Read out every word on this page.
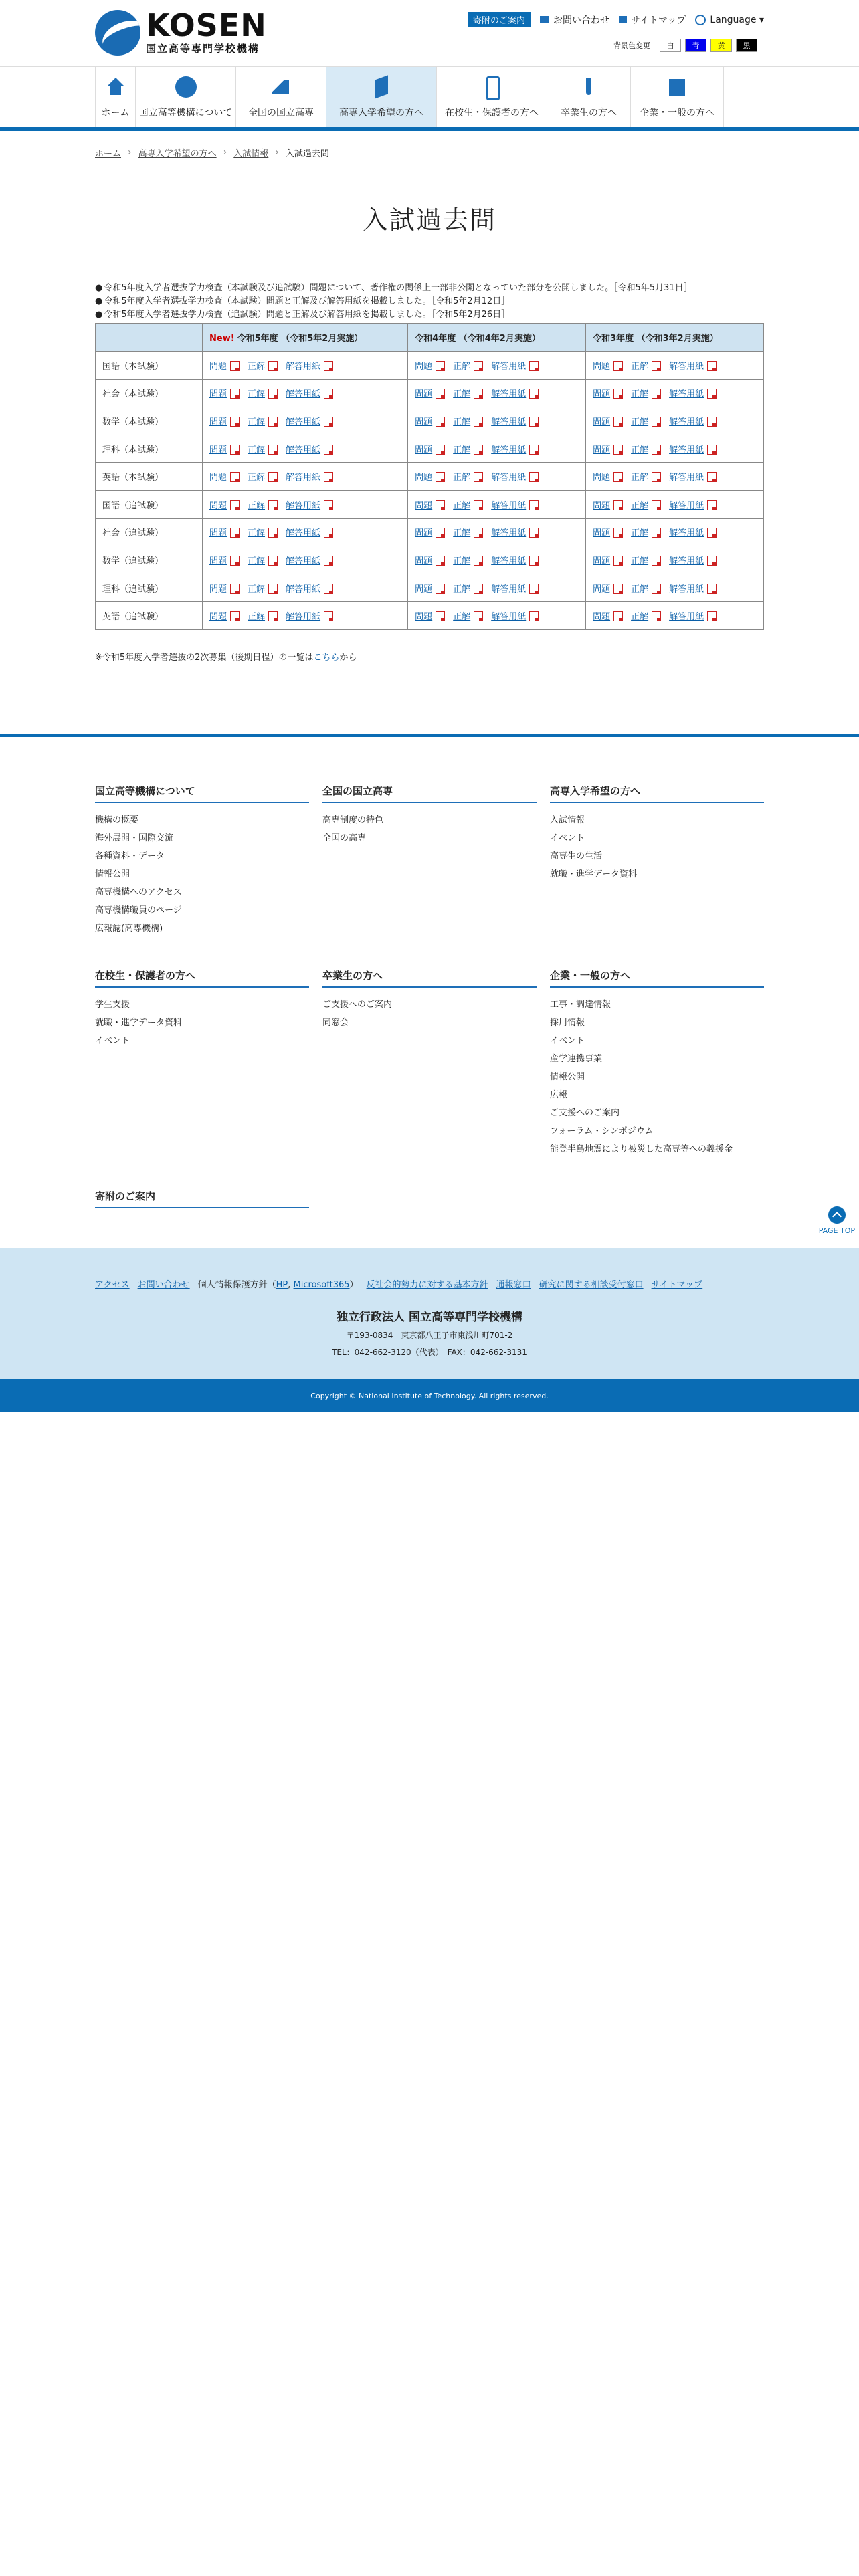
KOSEN
国立高等専門学校機構
寄附のご案内	お問い合わせ サイトマップ	Language ▾
背景色変更	白	青	黄	黒
ホーム 国立高等機構について 全国の国立高専	高専入学希望の方へ 在校生・保護者の方へ 卒業生の方へ 企業・一般の方へ
ホーム › 高専入学希望の方へ › 入試情報 › 入試過去問
入試過去問
● 令和5年度入学者選抜学力検査（本試験及び追試験）問題について、著作権の関係上一部非公開となっていた部分を公開しました。［令和5年5月31日］
● 令和5年度入学者選抜学力検査（本試験）問題と正解及び解答用紙を掲載しました。［令和5年2月12日］
● 令和5年度入学者選抜学力検査（追試験）問題と正解及び解答用紙を掲載しました。［令和5年2月26日］
	New! 令和5年度 （令和5年2月実施）	令和4年度 （令和4年2月実施）	令和3年度 （令和3年2月実施）
国語（本試験）	問題 正解 解答用紙	問題 正解 解答用紙	問題 正解 解答用紙
社会（本試験）	問題 正解 解答用紙	問題 正解 解答用紙	問題 正解 解答用紙
数学（本試験）	問題 正解 解答用紙	問題 正解 解答用紙	問題 正解 解答用紙
理科（本試験）	問題 正解 解答用紙	問題 正解 解答用紙	問題 正解 解答用紙
英語（本試験）	問題 正解 解答用紙	問題 正解 解答用紙	問題 正解 解答用紙
国語（追試験）	問題 正解 解答用紙	問題 正解 解答用紙	問題 正解 解答用紙
社会（追試験）	問題 正解 解答用紙	問題 正解 解答用紙	問題 正解 解答用紙
数学（追試験）	問題 正解 解答用紙	問題 正解 解答用紙	問題 正解 解答用紙
理科（追試験）	問題 正解 解答用紙	問題 正解 解答用紙	問題 正解 解答用紙
英語（追試験）	問題 正解 解答用紙	問題 正解 解答用紙	問題 正解 解答用紙

※令和5年度入学者選抜の2次募集（後期日程）の一覧はこちらから

国立高等機構について
機構の概要
海外展開・国際交流
各種資料・データ
情報公開
高専機構へのアクセス
高専機構職員のページ
広報誌(高専機構)
全国の国立高専
高専制度の特色
全国の高専
高専入学希望の方へ
入試情報
イベント
高専生の生活
就職・進学データ資料
在校生・保護者の方へ
学生支援
就職・進学データ資料
イベント
卒業生の方へ
ご支援へのご案内
同窓会
企業・一般の方へ
工事・調達情報
採用情報
イベント
産学連携事業
情報公開
広報
ご支援へのご案内
フォーラム・シンポジウム
能登半島地震により被災した高専等への義援金
寄附のご案内
PAGE TOP
アクセス お問い合わせ 個人情報保護方針（HP, Microsoft365） 反社会的勢力に対する基本方針 通報窓口 研究に関する相談受付窓口 サイトマップ
独立行政法人 国立高等専門学校機構
〒193-0834　東京都八王子市東浅川町701-2
TEL：042-662-3120（代表）　FAX：042-662-3131
Copyright © National Institute of Technology. All rights reserved.
